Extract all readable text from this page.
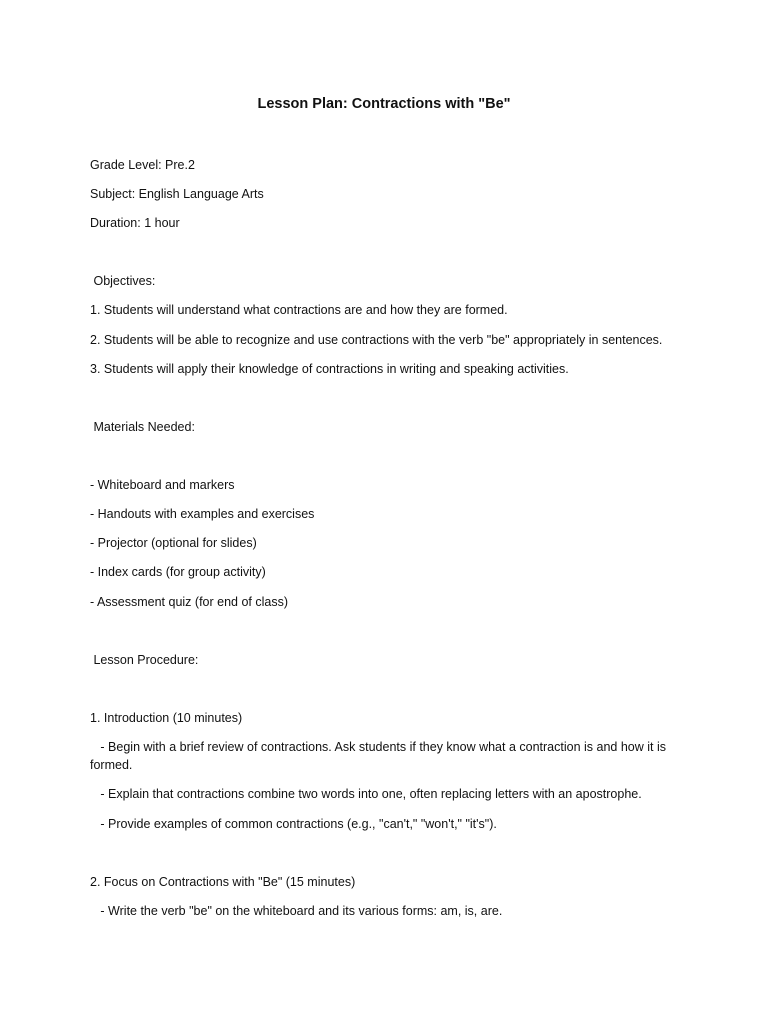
Lesson Plan: Contractions with "Be"
Grade Level: Pre.2
Subject: English Language Arts
Duration: 1 hour
Objectives:
1. Students will understand what contractions are and how they are formed.
2. Students will be able to recognize and use contractions with the verb "be" appropriately in sentences.
3. Students will apply their knowledge of contractions in writing and speaking activities.
Materials Needed:
- Whiteboard and markers
- Handouts with examples and exercises
- Projector (optional for slides)
- Index cards (for group activity)
- Assessment quiz (for end of class)
Lesson Procedure:
1. Introduction (10 minutes)
- Begin with a brief review of contractions. Ask students if they know what a contraction is and how it is formed.
- Explain that contractions combine two words into one, often replacing letters with an apostrophe.
- Provide examples of common contractions (e.g., "can't," "won't," "it's").
2. Focus on Contractions with "Be" (15 minutes)
- Write the verb "be" on the whiteboard and its various forms: am, is, are.
